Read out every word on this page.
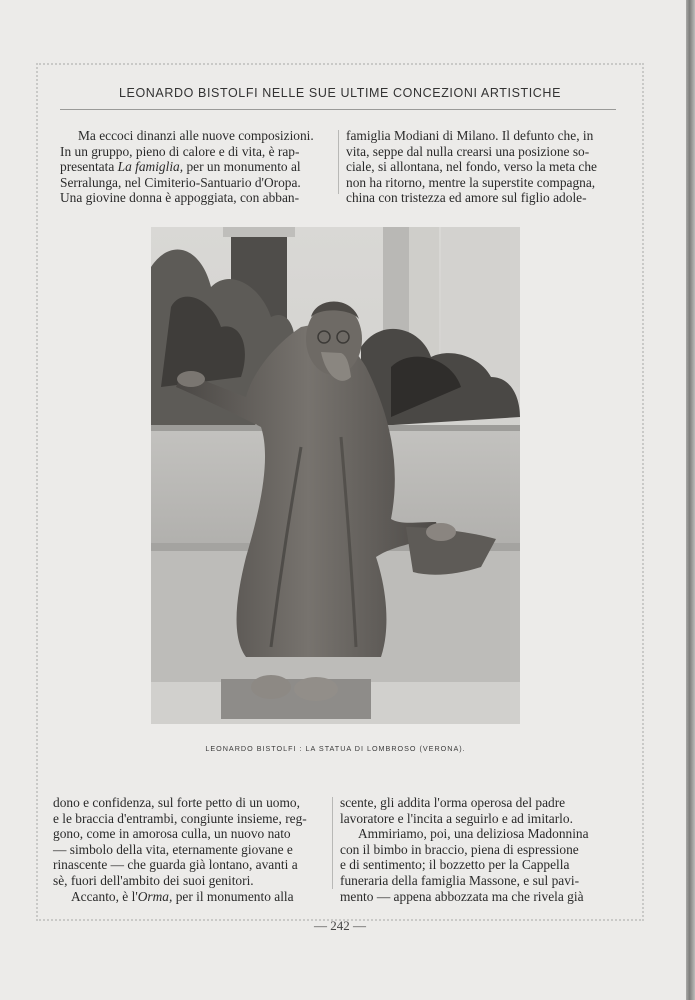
LEONARDO BISTOLFI NELLE SUE ULTIME CONCEZIONI ARTISTICHE

Ma eccoci dinanzi alle nuove composizioni.

In un gruppo, pieno di calore e di vita, è rap-

presentata La famiglia, per un monumento al

Serralunga, nel Cimiterio-Santuario d'Oropa.

Una giovine donna è appoggiata, con abban-

famiglia Modiani di Milano. Il defunto che, in

vita, seppe dal nulla crearsi una posizione so-

ciale, si allontana, nel fondo, verso la meta che

non ha ritorno, mentre la superstite compagna,

china con tristezza ed amore sul figlio adole-

LEONARDO BISTOLFI : LA STATUA DI LOMBROSO (VERONA).

dono e confidenza, sul forte petto di un uomo,

e le braccia d'entrambi, congiunte insieme, reg-

gono, come in amorosa culla, un nuovo nato

— simbolo della vita, eternamente giovane e

rinascente — che guarda già lontano, avanti a

sè, fuori dell'ambito dei suoi genitori.

Accanto, è l'Orma, per il monumento alla

scente, gli addita l'orma operosa del padre

lavoratore e l'incita a seguirlo e ad imitarlo.

Ammiriamo, poi, una deliziosa Madonnina

con il bimbo in braccio, piena di espressione

e di sentimento; il bozzetto per la Cappella

funeraria della famiglia Massone, e sul pavi-

mento — appena abbozzata ma che rivela già

— 242 —
